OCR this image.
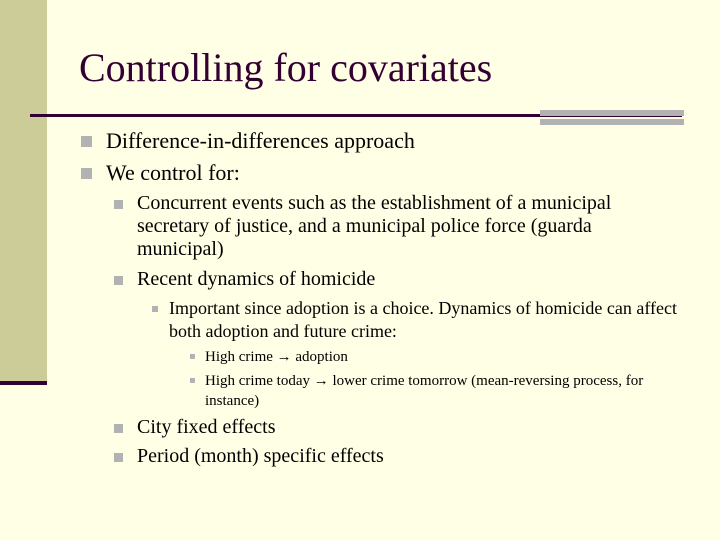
Controlling for covariates

Difference-in-differences approach

We control for:

Concurrent events such as the establishment of a municipal secretary of justice, and a municipal police force (guarda municipal)

Recent dynamics of homicide

Important since adoption is a choice. Dynamics of homicide can affect both adoption and future crime:

▪ High crime → adoption

▪ High crime today → lower crime tomorrow (mean-reversing process, for instance)

City fixed effects

Period (month) specific effects
